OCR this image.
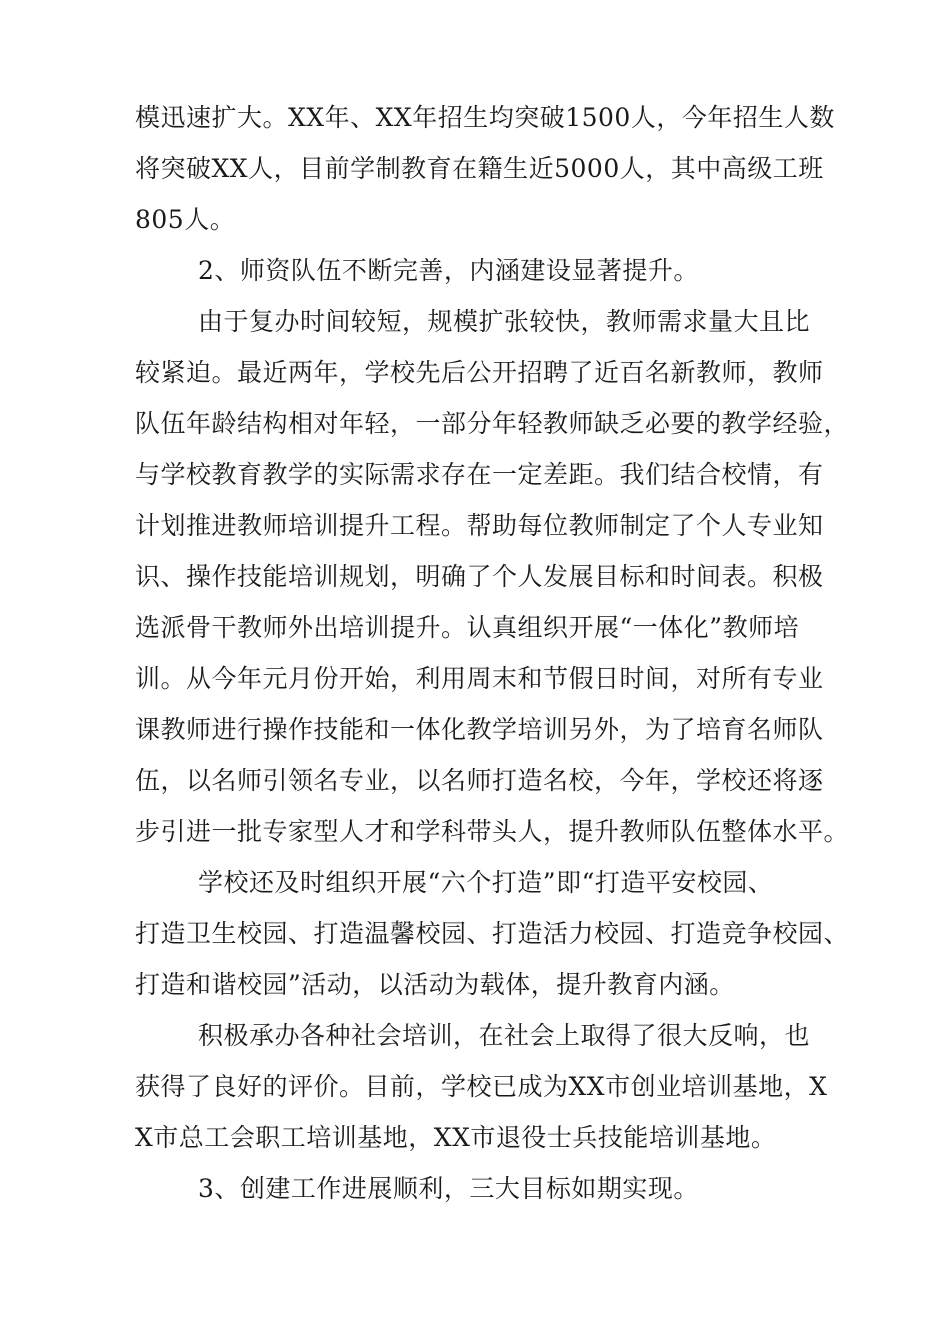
模迅速扩大。XX年、XX年招生均突破1500人，今年招生人数
将突破XX人，目前学制教育在籍生近5000人，其中高级工班
805人。
2、师资队伍不断完善，内涵建设显著提升。
由于复办时间较短，规模扩张较快，教师需求量大且比
较紧迫。最近两年，学校先后公开招聘了近百名新教师，教师
队伍年龄结构相对年轻，一部分年轻教师缺乏必要的教学经验，
与学校教育教学的实际需求存在一定差距。我们结合校情，有
计划推进教师培训提升工程。帮助每位教师制定了个人专业知
识、操作技能培训规划，明确了个人发展目标和时间表。积极
选派骨干教师外出培训提升。认真组织开展“一体化”教师培
训。从今年元月份开始，利用周末和节假日时间，对所有专业
课教师进行操作技能和一体化教学培训另外，为了培育名师队
伍，以名师引领名专业，以名师打造名校，今年，学校还将逐
步引进一批专家型人才和学科带头人，提升教师队伍整体水平。
学校还及时组织开展“六个打造”即“打造平安校园、
打造卫生校园、打造温馨校园、打造活力校园、打造竞争校园、
打造和谐校园”活动，以活动为载体，提升教育内涵。
积极承办各种社会培训，在社会上取得了很大反响，也
获得了良好的评价。目前，学校已成为XX市创业培训基地，X
X市总工会职工培训基地，XX市退役士兵技能培训基地。
3、创建工作进展顺利，三大目标如期实现。
